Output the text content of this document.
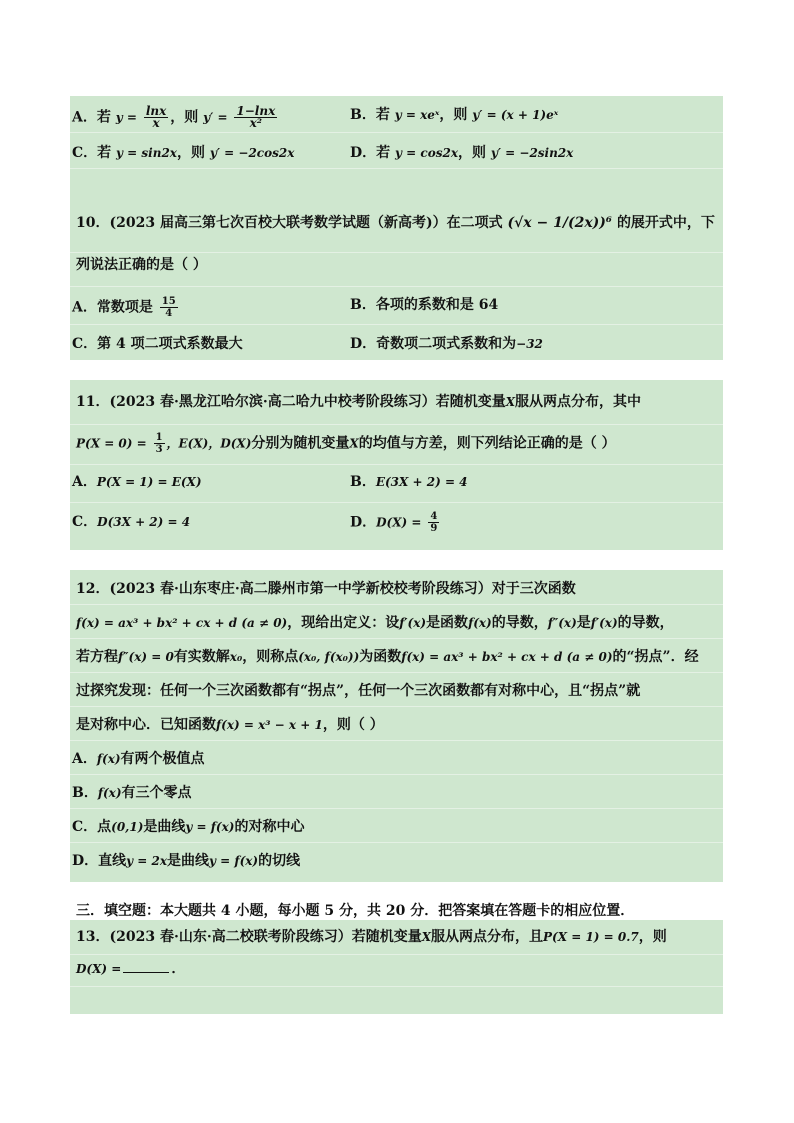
A．若 $y = \frac{\ln x}{x}$ ，则 $y' = \frac{1-\ln x}{\text{x²}}$	B．若 y = xeˣ，则 y′ = (x + 1)eˣ
C．若 y = sin2x，则 y′ = −2cos2x	D．若 y = cos2x，则 y′ = −2sin2x
10．(2023 届高三第七次百校大联考数学试题（新高考)）在二项式 (√x − 1/(2x))⁶ 的展开式中，下
列说法正确的是（ ）
A．常数项是 $\frac{15}{4}$	B．各项的系数和是 64
C．第 4 项二项式系数最大	D．奇数项二项式系数和为−32
11．(2023 春·黑龙江哈尔滨·高二哈九中校考阶段练习）若随机变量X服从两点分布，其中
$P(X = 0) = \frac{1}{3}$ ，E(X)，D(X)分别为随机变量X的均值与方差，则下列结论正确的是（ ）
A．P(X = 1) = E(X)	B．E(3X + 2) = 4
C．D(3X + 2) = 4	D．$D(X) = \frac{4}{9}$
12．(2023 春·山东枣庄·高二滕州市第一中学新校校考阶段练习）对于三次函数
f(x) = ax³ + bx² + cx + d (a ≠ 0)，现给出定义：设f′(x)是函数f(x)的导数，f″(x)是f′(x)的导数，
若方程f″(x) = 0有实数解x₀，则称点(x₀, f(x₀))为函数f(x) = ax³ + bx² + cx + d (a ≠ 0)的“拐点”．经
过探究发现：任何一个三次函数都有“拐点”，任何一个三次函数都有对称中心，且“拐点”就
是对称中心．已知函数f(x) = x³ − x + 1，则（ ）
A．f(x)有两个极值点
B．f(x)有三个零点
C．点(0,1)是曲线y = f(x)的对称中心
D．直线y = 2x是曲线y = f(x)的切线
三．填空题：本大题共 4 小题，每小题 5 分，共 20 分．把答案填在答题卡的相应位置．
13．(2023 春·山东·高二校联考阶段练习）若随机变量X服从两点分布，且P(X = 1) = 0.7，则
D(X) =	．
